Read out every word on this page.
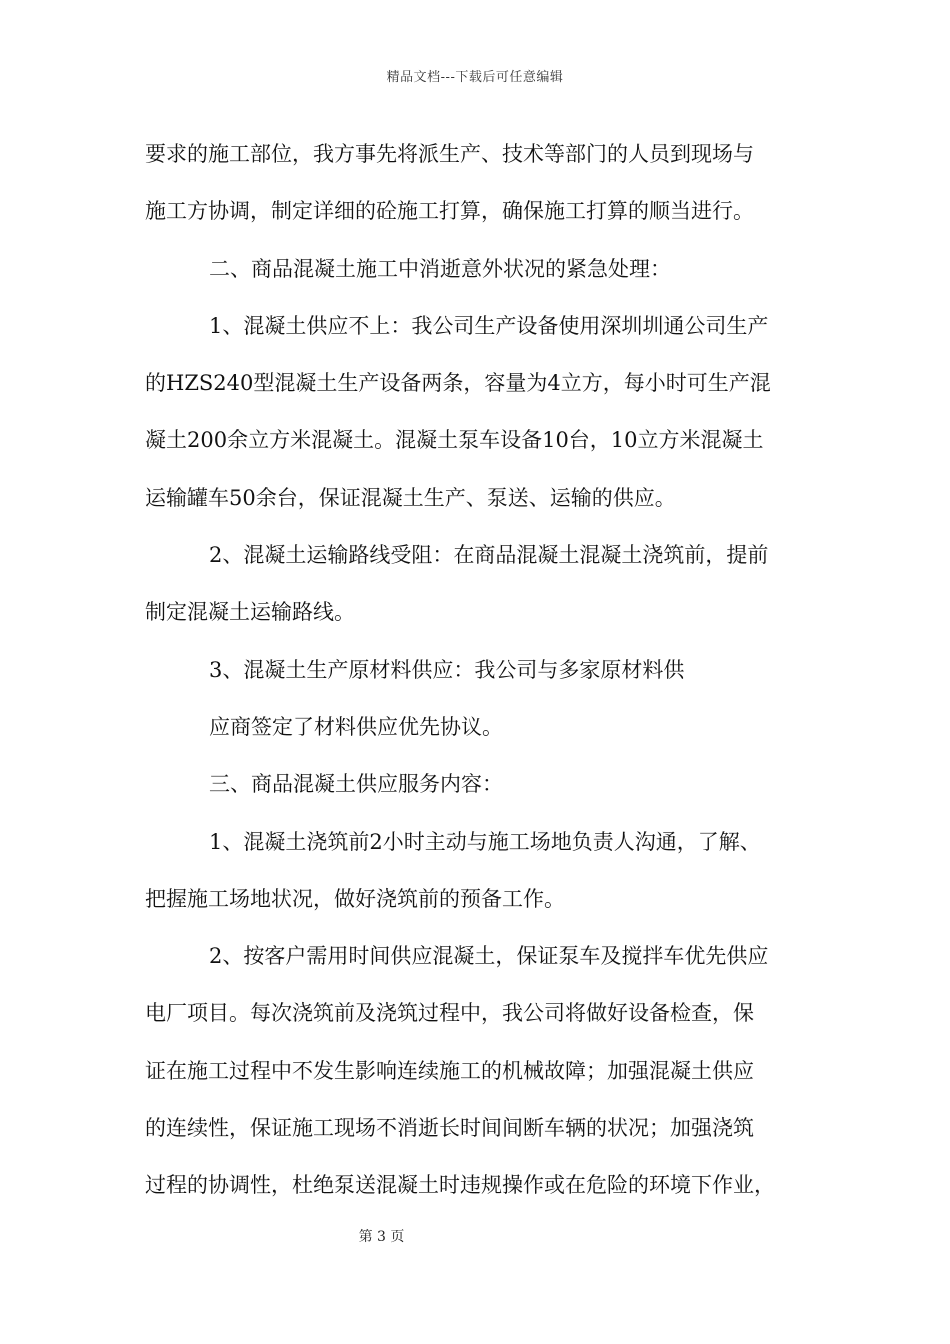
精品文档---下载后可任意编辑
要求的施工部位，我方事先将派生产、技术等部门的人员到现场与
施工方协调，制定详细的砼施工打算，确保施工打算的顺当进行。
二、商品混凝土施工中消逝意外状况的紧急处理：
1、混凝土供应不上：我公司生产设备使用深圳圳通公司生产
的HZS240型混凝土生产设备两条，容量为4立方，每小时可生产混
凝土200余立方米混凝土。混凝土泵车设备10台，10立方米混凝土
运输罐车50余台，保证混凝土生产、泵送、运输的供应。
2、混凝土运输路线受阻：在商品混凝土混凝土浇筑前，提前
制定混凝土运输路线。
3、混凝土生产原材料供应：我公司与多家原材料供
应商签定了材料供应优先协议。
三、商品混凝土供应服务内容：
1、混凝土浇筑前2小时主动与施工场地负责人沟通，了解、
把握施工场地状况，做好浇筑前的预备工作。
2、按客户需用时间供应混凝土，保证泵车及搅拌车优先供应
电厂项目。每次浇筑前及浇筑过程中，我公司将做好设备检查，保
证在施工过程中不发生影响连续施工的机械故障；加强混凝土供应
的连续性，保证施工现场不消逝长时间间断车辆的状况；加强浇筑
过程的协调性，杜绝泵送混凝土时违规操作或在危险的环境下作业，
第 3 页
